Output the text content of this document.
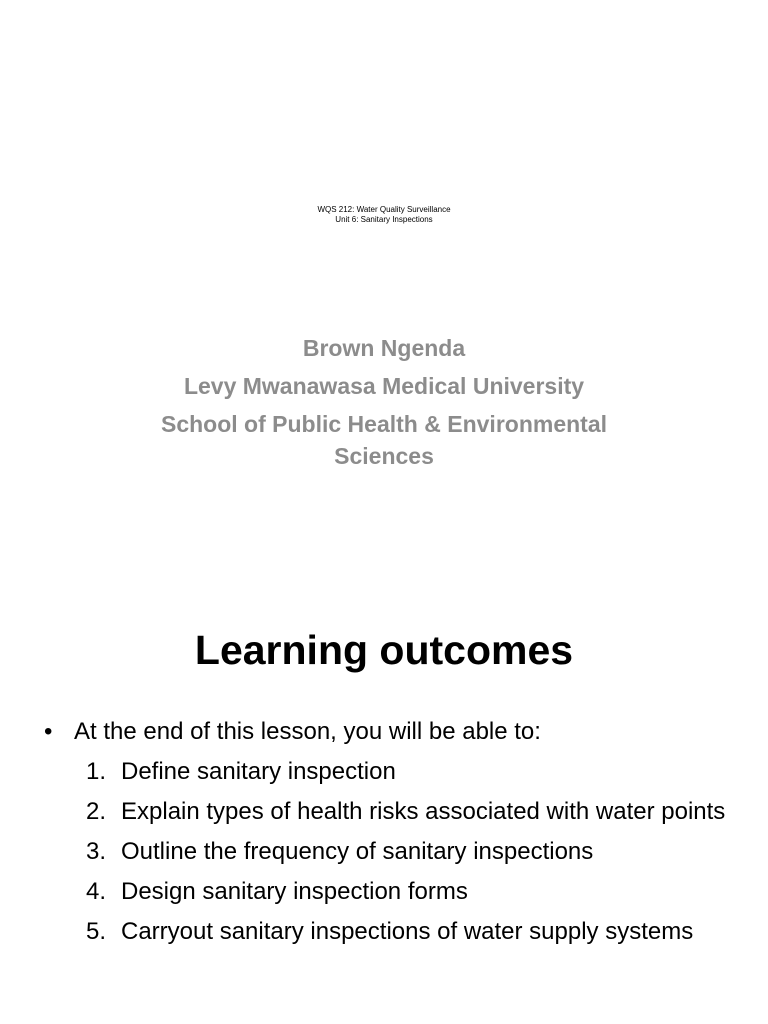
WQS 212: Water Quality Surveillance
Unit 6: Sanitary Inspections
Brown Ngenda
Levy Mwanawasa Medical University
School of Public Health & Environmental Sciences
Learning outcomes
• At the end of this lesson, you will be able to:
1. Define sanitary inspection
2. Explain types of health risks associated with water points
3. Outline the frequency of sanitary inspections
4. Design sanitary inspection forms
5. Carryout sanitary inspections of water supply systems
